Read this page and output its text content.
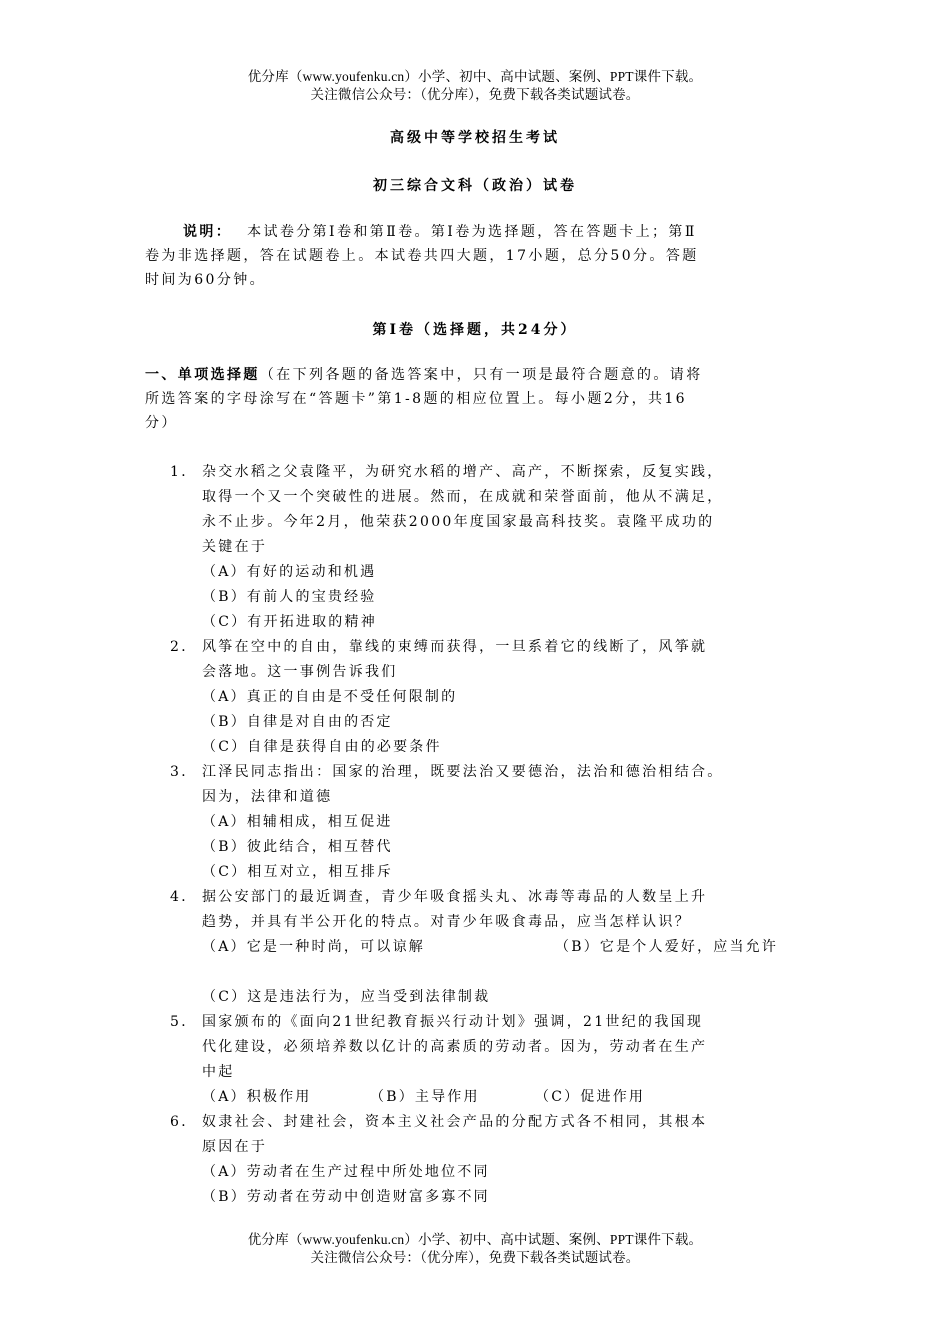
优分库（www.youfenku.cn）小学、初中、高中试题、案例、PPT课件下载。
关注微信公众号：（优分库），免费下载各类试题试卷。
高级中等学校招生考试
初三综合文科（政治）试卷
说明： 本试卷分第Ⅰ卷和第Ⅱ卷。第Ⅰ卷为选择题，答在答题卡上；第Ⅱ
卷为非选择题，答在试题卷上。本试卷共四大题，17小题，总分50分。答题
时间为60分钟。
第Ⅰ卷（选择题，共24分）
一、单项选择题（在下列各题的备选答案中，只有一项是最符合题意的。请将
所选答案的字母涂写在“答题卡”第1-8题的相应位置上。每小题2分，共16
分）
1． 杂交水稻之父袁隆平，为研究水稻的增产、高产，不断探索，反复实践，
取得一个又一个突破性的进展。然而，在成就和荣誉面前，他从不满足，
永不止步。今年2月，他荣获2000年度国家最高科技奖。袁隆平成功的
关键在于
（A）有好的运动和机遇
（B）有前人的宝贵经验
（C）有开拓进取的精神
2． 风筝在空中的自由，靠线的束缚而获得，一旦系着它的线断了，风筝就
会落地。这一事例告诉我们
（A）真正的自由是不受任何限制的
（B）自律是对自由的否定
（C）自律是获得自由的必要条件
3． 江泽民同志指出：国家的治理，既要法治又要德治，法治和德治相结合。
因为，法律和道德
（A）相辅相成，相互促进
（B）彼此结合，相互替代
（C）相互对立，相互排斥
4． 据公安部门的最近调查，青少年吸食摇头丸、冰毒等毒品的人数呈上升
趋势，并具有半公开化的特点。对青少年吸食毒品，应当怎样认识？
（A）它是一种时尚，可以谅解	（B）它是个人爱好，应当允许
（C）这是违法行为，应当受到法律制裁
5． 国家颁布的《面向21世纪教育振兴行动计划》强调，21世纪的我国现
代化建设，必须培养数以亿计的高素质的劳动者。因为，劳动者在生产
中起
（A）积极作用	（B）主导作用	（C）促进作用
6． 奴隶社会、封建社会，资本主义社会产品的分配方式各不相同，其根本
原因在于
（A）劳动者在生产过程中所处地位不同
（B）劳动者在劳动中创造财富多寡不同
优分库（www.youfenku.cn）小学、初中、高中试题、案例、PPT课件下载。
关注微信公众号：（优分库），免费下载各类试题试卷。
